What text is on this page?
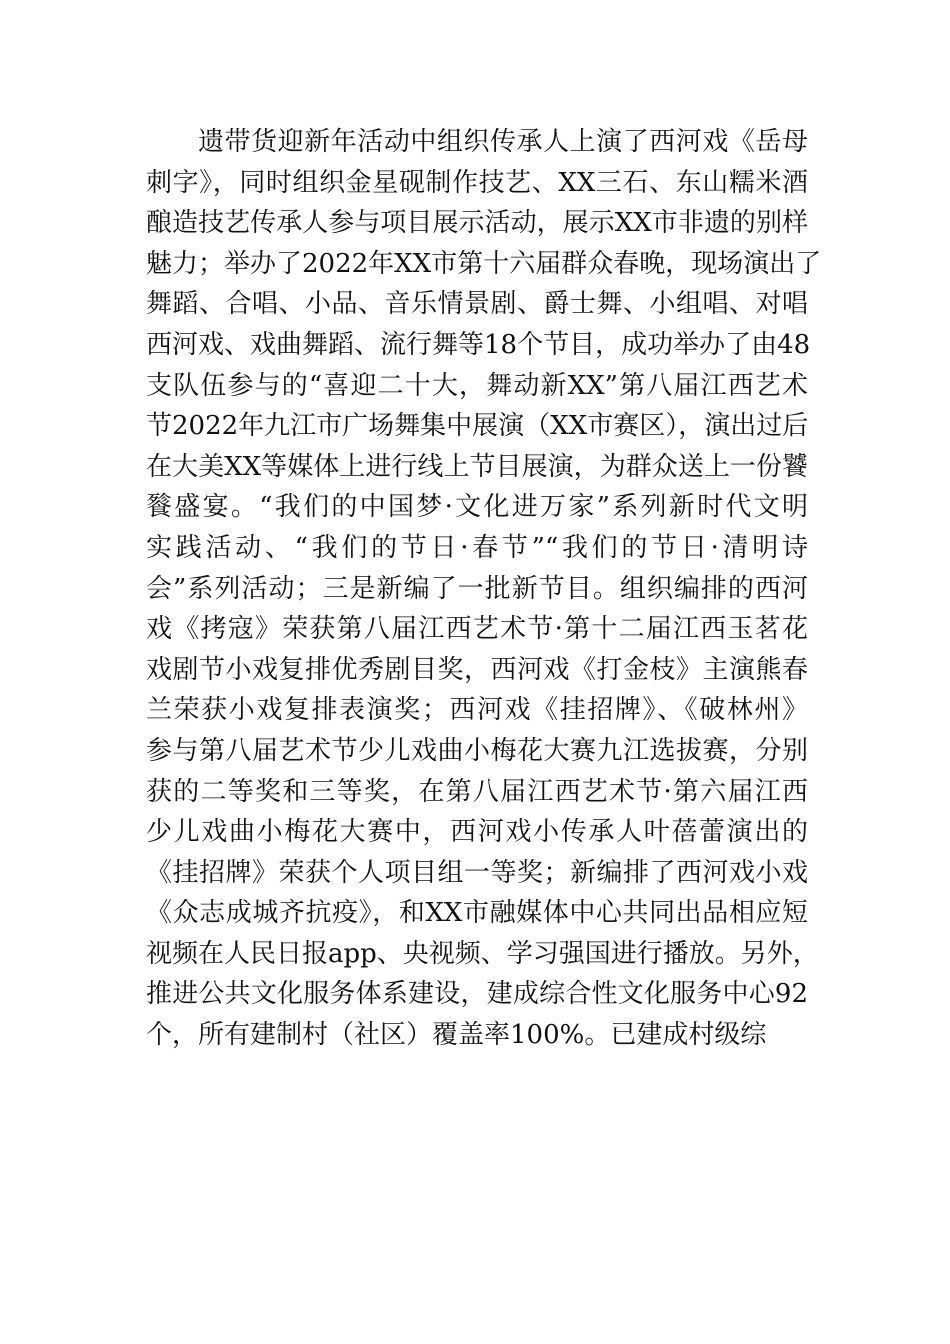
遗带货迎新年活动中组织传承人上演了西河戏《岳母
刺字》，同时组织金星砚制作技艺、XX三石、东山糯米酒
酿造技艺传承人参与项目展示活动，展示XX市非遗的别样
魅力；举办了2022年XX市第十六届群众春晚，现场演出了
舞蹈、合唱、小品、音乐情景剧、爵士舞、小组唱、对唱
西河戏、戏曲舞蹈、流行舞等18个节目，成功举办了由48
支队伍参与的“喜迎二十大，舞动新XX”第八届江西艺术
节2022年九江市广场舞集中展演（XX市赛区），演出过后
在大美XX等媒体上进行线上节目展演，为群众送上一份饕
餮盛宴。“我们的中国梦·文化进万家”系列新时代文明
实践活动、“我们的节日·春节”“我们的节日·清明诗
会”系列活动；三是新编了一批新节目。组织编排的西河
戏《拷寇》荣获第八届江西艺术节·第十二届江西玉茗花
戏剧节小戏复排优秀剧目奖，西河戏《打金枝》主演熊春
兰荣获小戏复排表演奖；西河戏《挂招牌》、《破林州》
参与第八届艺术节少儿戏曲小梅花大赛九江选拔赛，分别
获的二等奖和三等奖，在第八届江西艺术节·第六届江西
少儿戏曲小梅花大赛中，西河戏小传承人叶蓓蕾演出的
《挂招牌》荣获个人项目组一等奖；新编排了西河戏小戏
《众志成城齐抗疫》，和XX市融媒体中心共同出品相应短
视频在人民日报app、央视频、学习强国进行播放。另外，
推进公共文化服务体系建设，建成综合性文化服务中心92
个，所有建制村（社区）覆盖率100%。已建成村级综
